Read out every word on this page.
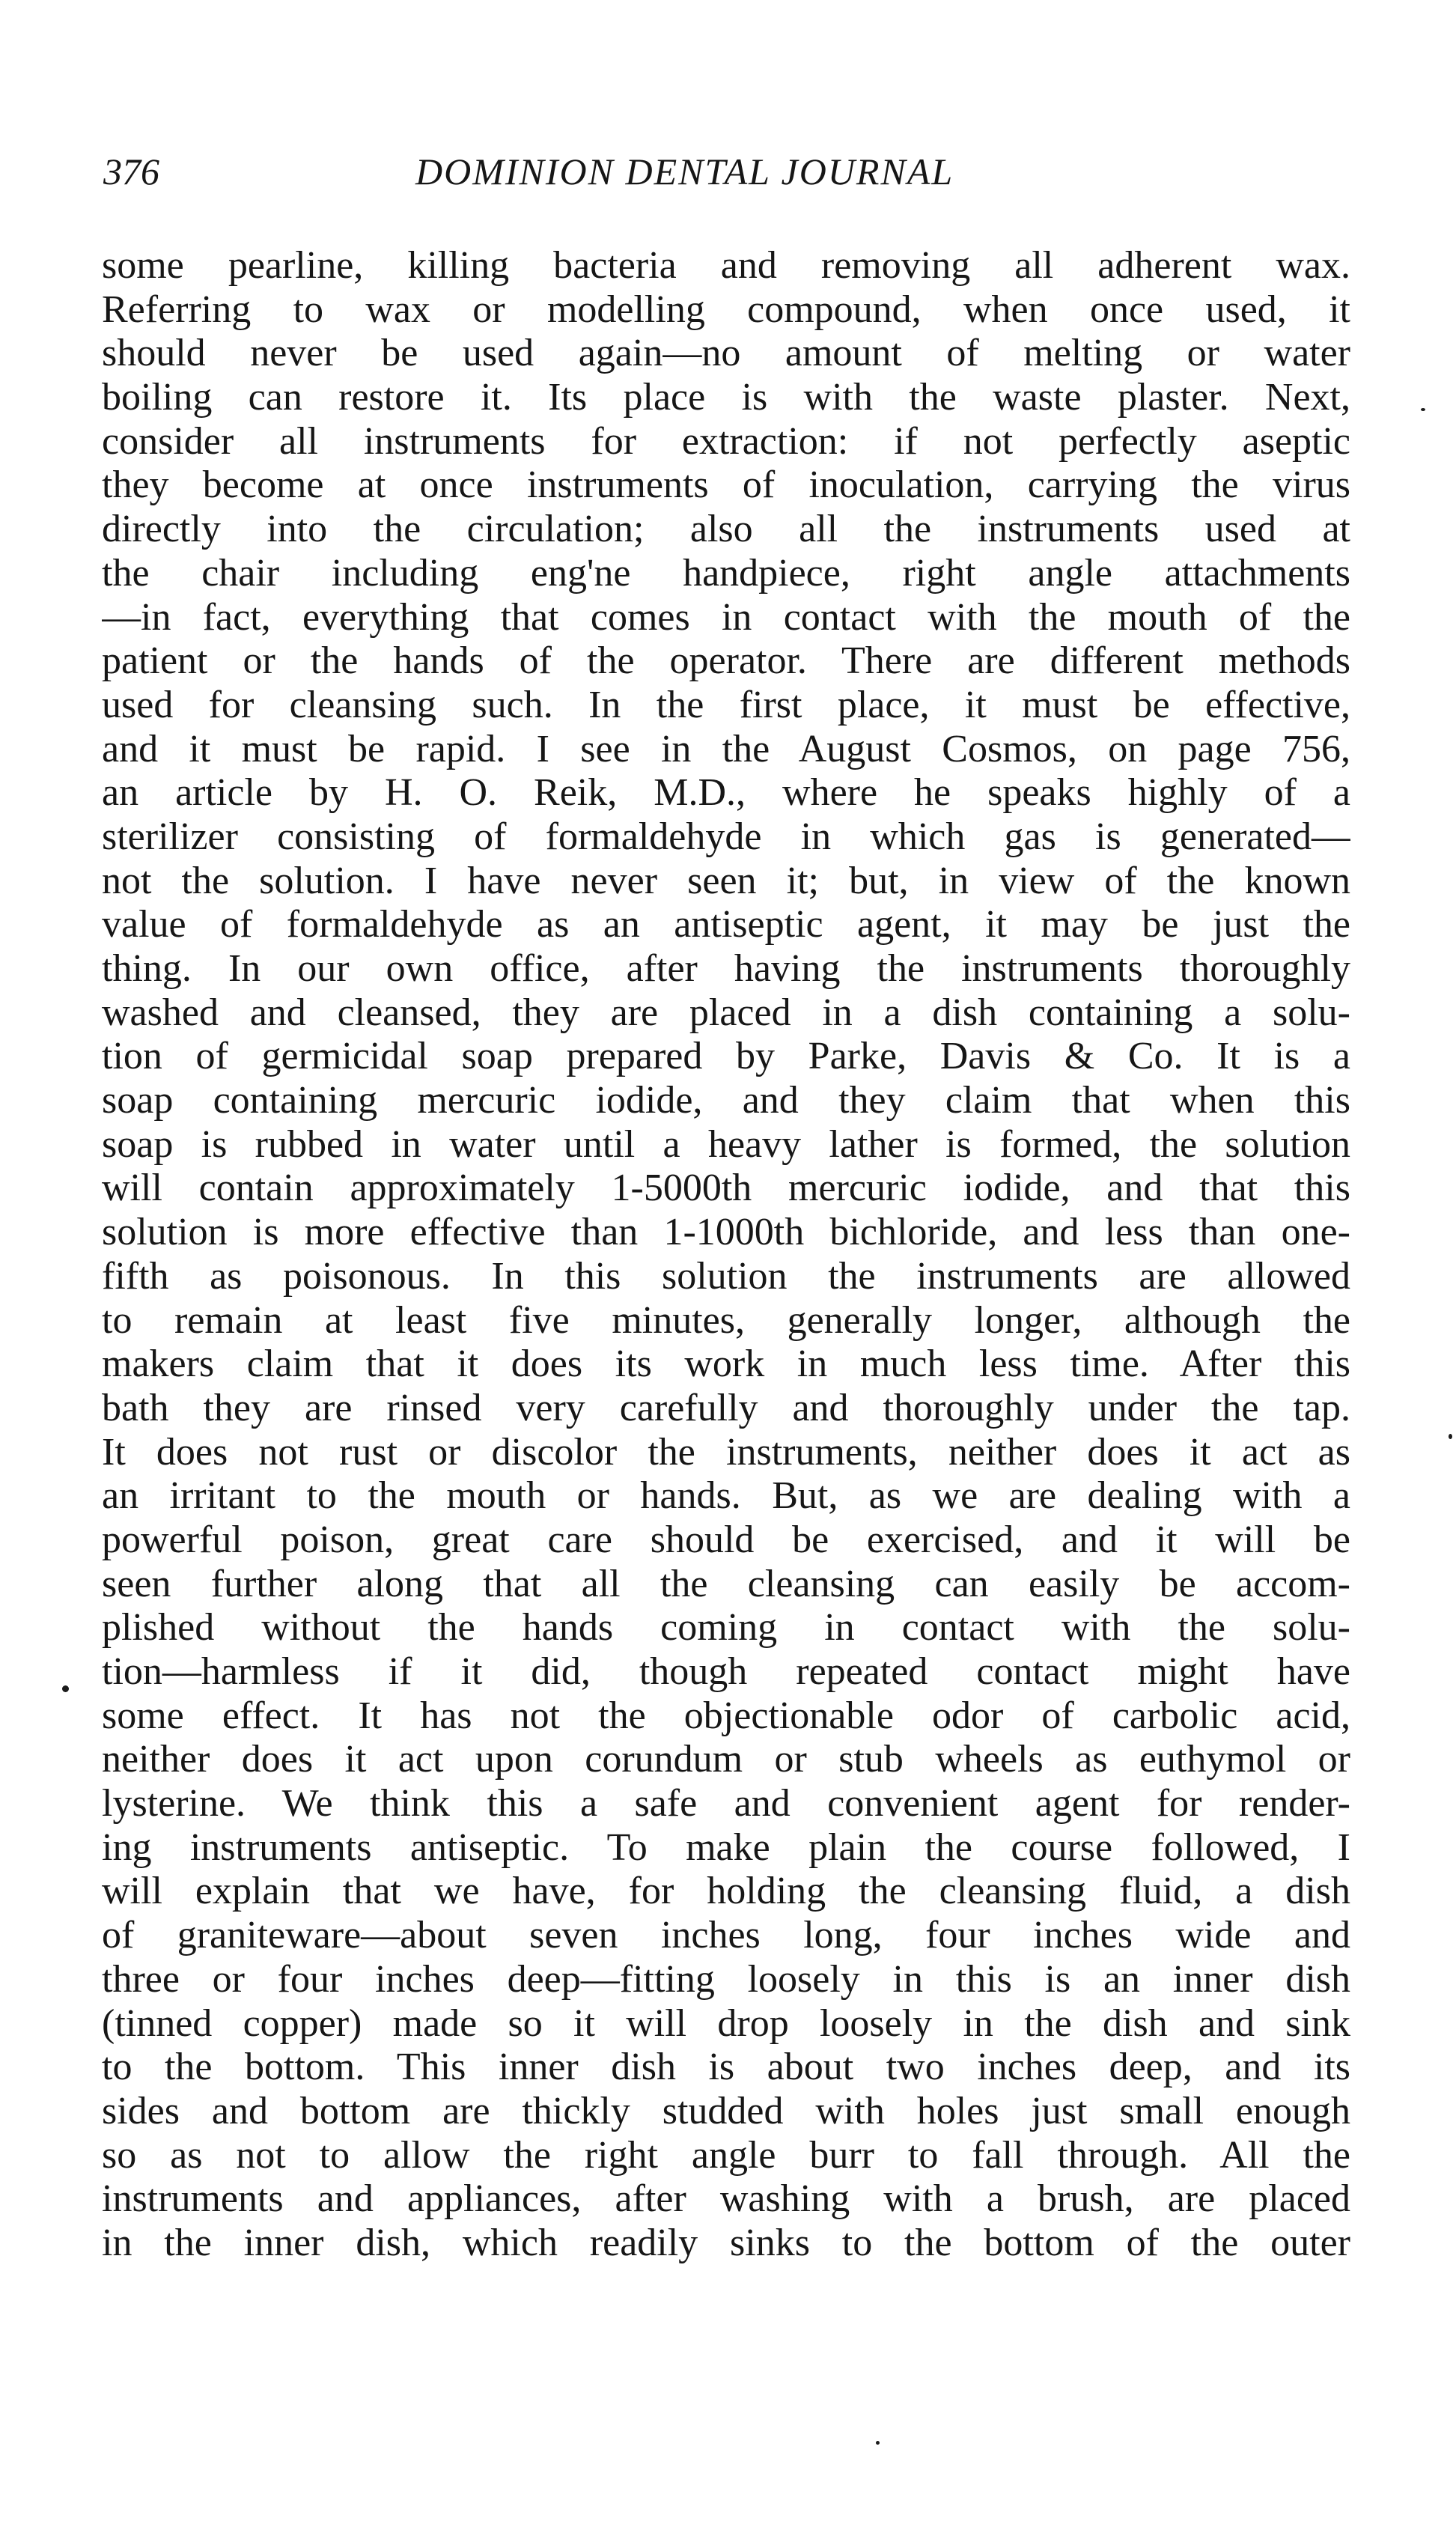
376	DOMINION DENTAL JOURNAL
some pearline, killing bacteria and removing all adherent wax.
Referring to wax or modelling compound, when once used, it
should never be used again—no amount of melting or water
boiling can restore it. Its place is with the waste plaster. Next,
consider all instruments for extraction: if not perfectly aseptic
they become at once instruments of inoculation, carrying the virus
directly into the circulation; also all the instruments used at
the chair including eng'ne handpiece, right angle attachments
—in fact, everything that comes in contact with the mouth of the
patient or the hands of the operator. There are different methods
used for cleansing such. In the first place, it must be effective,
and it must be rapid. I see in the August Cosmos, on page 756,
an article by H. O. Reik, M.D., where he speaks highly of a
sterilizer consisting of formaldehyde in which gas is generated—
not the solution. I have never seen it; but, in view of the known
value of formaldehyde as an antiseptic agent, it may be just the
thing. In our own office, after having the instruments thoroughly
washed and cleansed, they are placed in a dish containing a solu-
tion of germicidal soap prepared by Parke, Davis & Co. It is a
soap containing mercuric iodide, and they claim that when this
soap is rubbed in water until a heavy lather is formed, the solution
will contain approximately 1-5000th mercuric iodide, and that this
solution is more effective than 1-1000th bichloride, and less than one-
fifth as poisonous. In this solution the instruments are allowed
to remain at least five minutes, generally longer, although the
makers claim that it does its work in much less time. After this
bath they are rinsed very carefully and thoroughly under the tap.
It does not rust or discolor the instruments, neither does it act as
an irritant to the mouth or hands. But, as we are dealing with a
powerful poison, great care should be exercised, and it will be
seen further along that all the cleansing can easily be accom-
plished without the hands coming in contact with the solu-
tion—harmless if it did, though repeated contact might have
some effect. It has not the objectionable odor of carbolic acid,
neither does it act upon corundum or stub wheels as euthymol or
lysterine. We think this a safe and convenient agent for render-
ing instruments antiseptic. To make plain the course followed, I
will explain that we have, for holding the cleansing fluid, a dish
of graniteware—about seven inches long, four inches wide and
three or four inches deep—fitting loosely in this is an inner dish
(tinned copper) made so it will drop loosely in the dish and sink
to the bottom. This inner dish is about two inches deep, and its
sides and bottom are thickly studded with holes just small enough
so as not to allow the right angle burr to fall through. All the
instruments and appliances, after washing with a brush, are placed
in the inner dish, which readily sinks to the bottom of the outer
